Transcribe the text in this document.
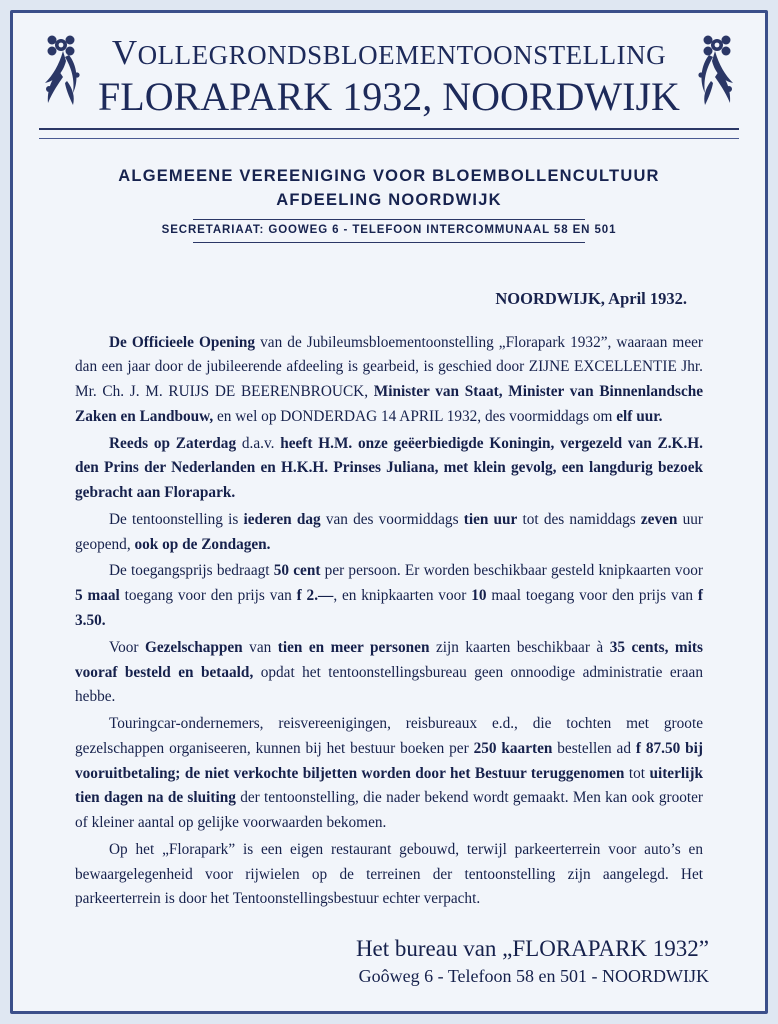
VOLLEGRONDSBLOEMENTOONSTELLING
FLORAPARK 1932, NOORDWIJK
ALGEMEENE VEREENIGING VOOR BLOEMBOLLENCULTUUR
AFDEELING NOORDWIJK
SECRETARIAAT: GOOWEG 6 - TELEFOON INTERCOMMUNAAL 58 EN 501
NOORDWIJK, April 1932.

De Officieele Opening van de Jubileumsbloementoonstelling „Florapark 1932”, waaraan meer dan een jaar door de jubileerende afdeeling is gearbeid, is geschied door ZIJNE EXCELLENTIE Jhr. Mr. Ch. J. M. RUIJS DE BEERENBROUCK, Minister van Staat, Minister van Binnenlandsche Zaken en Landbouw, en wel op DONDERDAG 14 APRIL 1932, des voormiddags om elf uur.

Reeds op Zaterdag d.a.v. heeft H.M. onze geëerbiedigde Koningin, vergezeld van Z.K.H. den Prins der Nederlanden en H.K.H. Prinses Juliana, met klein gevolg, een langdurig bezoek gebracht aan Florapark.

De tentoonstelling is iederen dag van des voormiddags tien uur tot des namiddags zeven uur geopend, ook op de Zondagen.

De toegangsprijs bedraagt 50 cent per persoon. Er worden beschikbaar gesteld knipkaarten voor 5 maal toegang voor den prijs van f 2.—, en knipkaarten voor 10 maal toegang voor den prijs van f 3.50.

Voor Gezelschappen van tien en meer personen zijn kaarten beschikbaar à 35 cents, mits vooraf besteld en betaald, opdat het tentoonstellingsbureau geen onnoodige administratie eraan hebbe.

Touringcar-ondernemers, reisvereenigingen, reisbureaux e.d., die tochten met groote gezelschappen organiseeren, kunnen bij het bestuur boeken per 250 kaarten bestellen ad f 87.50 bij vooruitbetaling; de niet verkochte biljetten worden door het Bestuur teruggenomen tot uiterlijk tien dagen na de sluiting der tentoonstelling, die nader bekend wordt gemaakt. Men kan ook grooter of kleiner aantal op gelijke voorwaarden bekomen.

Op het „Florapark” is een eigen restaurant gebouwd, terwijl parkeerterrein voor auto’s en bewaargelegenheid voor rijwielen op de terreinen der tentoonstelling zijn aangelegd. Het parkeerterrein is door het Tentoonstellingsbestuur echter verpacht.

Het bureau van „FLORAPARK 1932”
Goôweg 6 - Telefoon 58 en 501 - NOORDWIJK
